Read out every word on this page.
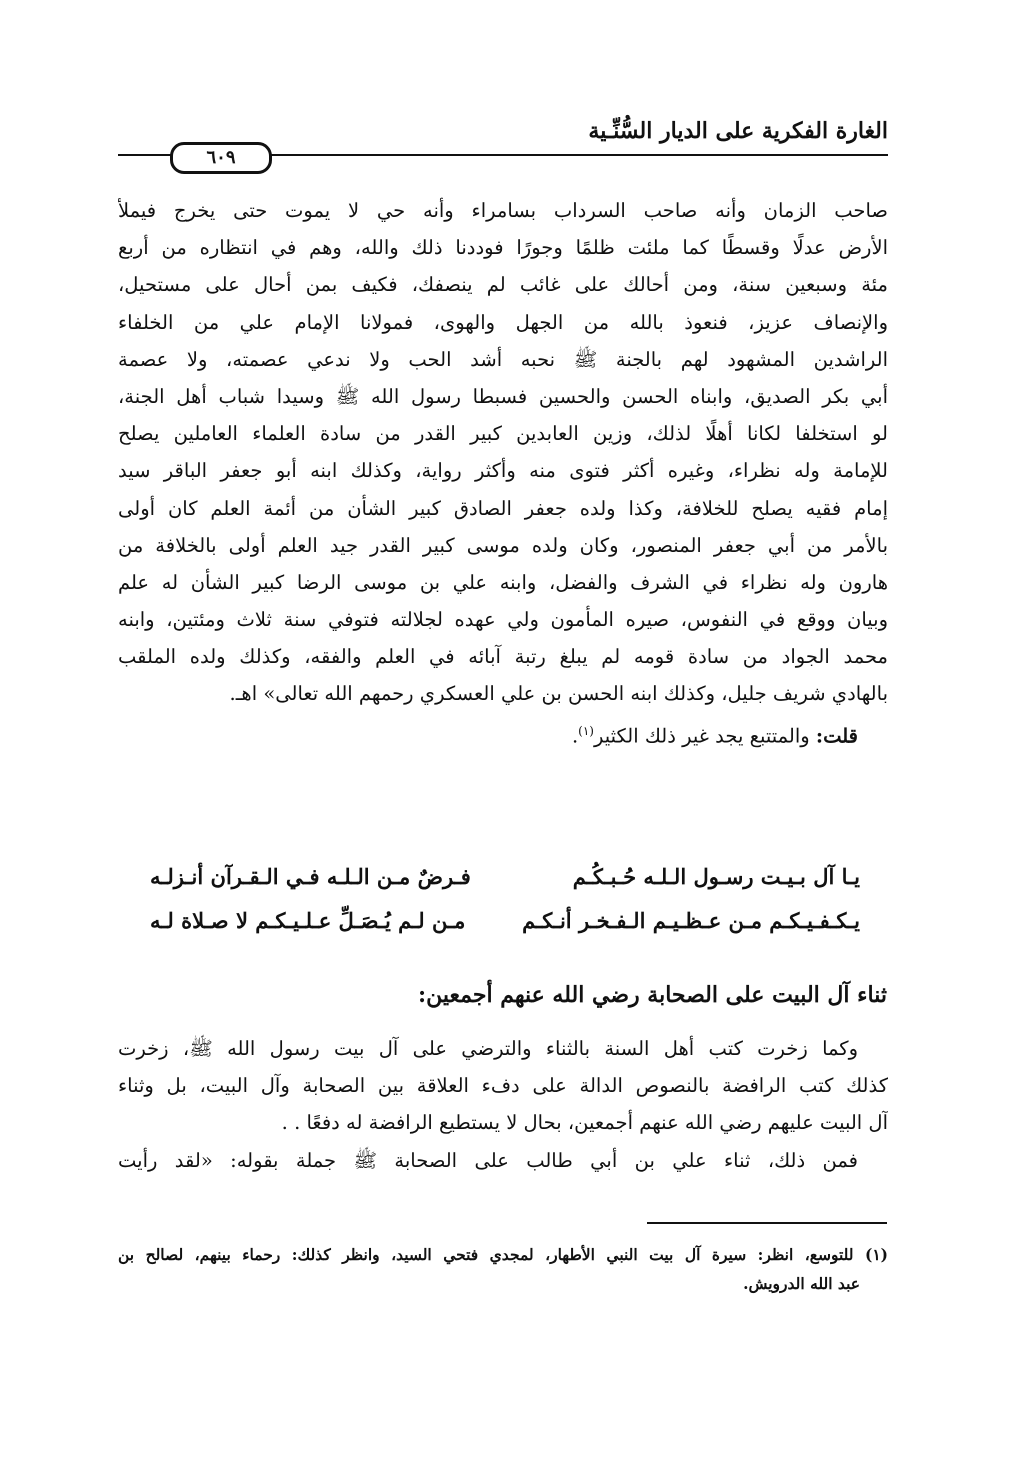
الغارة الفكرية على الديار السُّنِّـية
٦٠٩
صاحب الزمان وأنه صاحب السرداب بسامراء وأنه حي لا يموت حتى يخرج فيملأ
الأرض عدلًا وقسطًا كما ملئت ظلمًا وجورًا فوددنا ذلك والله، وهم في انتظاره من أربع
مئة وسبعين سنة، ومن أحالك على غائب لم ينصفك، فكيف بمن أحال على مستحيل،
والإنصاف عزيز، فنعوذ بالله من الجهل والهوى، فمولانا الإمام علي من الخلفاء
الراشدين المشهود لهم بالجنة ﷺ نحبه أشد الحب ولا ندعي عصمته، ولا عصمة
أبي بكر الصديق، وابناه الحسن والحسين فسبطا رسول الله ﷺ وسيدا شباب أهل الجنة،
لو استخلفا لكانا أهلًا لذلك، وزين العابدين كبير القدر من سادة العلماء العاملين يصلح
للإمامة وله نظراء، وغيره أكثر فتوى منه وأكثر رواية، وكذلك ابنه أبو جعفر الباقر سيد
إمام فقيه يصلح للخلافة، وكذا ولده جعفر الصادق كبير الشأن من أئمة العلم كان أولى
بالأمر من أبي جعفر المنصور، وكان ولده موسى كبير القدر جيد العلم أولى بالخلافة من
هارون وله نظراء في الشرف والفضل، وابنه علي بن موسى الرضا كبير الشأن له علم
وبيان ووقع في النفوس، صيره المأمون ولي عهده لجلالته فتوفي سنة ثلاث ومئتين، وابنه
محمد الجواد من سادة قومه لم يبلغ رتبة آبائه في العلم والفقه، وكذلك ولده الملقب
بالهادي شريف جليل، وكذلك ابنه الحسن بن علي العسكري رحمهم الله تعالى» اهـ.
قلت: والمتتبع يجد غير ذلك الكثير$^{(١)}$.
يـا آل بـيـت رسـول الـلـه حُـبـكُـم
فـرضٌ مـن الـلـه فـي الـقـرآن أنـزلـه
يـكـفـيـكـم مـن عـظـيـم الـفـخـر أنـكـم
مـن لـم يُـصَـلِّ عـلـيـكـم لا صـلاة لـه
ثناء آل البيت على الصحابة رضي الله عنهم أجمعين:
وكما زخرت كتب أهل السنة بالثناء والترضي على آل بيت رسول الله ﷺ، زخرت
كذلك كتب الرافضة بالنصوص الدالة على دفء العلاقة بين الصحابة وآل البيت، بل وثناء
آل البيت عليهم رضي الله عنهم أجمعين، بحال لا يستطيع الرافضة له دفعًا . .
فمن ذلك، ثناء علي بن أبي طالب على الصحابة ﷺ جملة بقوله: «لقد رأيت
(١) للتوسع، انظر: سيرة آل بيت النبي الأطهار، لمجدي فتحي السيد، وانظر كذلك: رحماء بينهم، لصالح بن
عبد الله الدرويش.
